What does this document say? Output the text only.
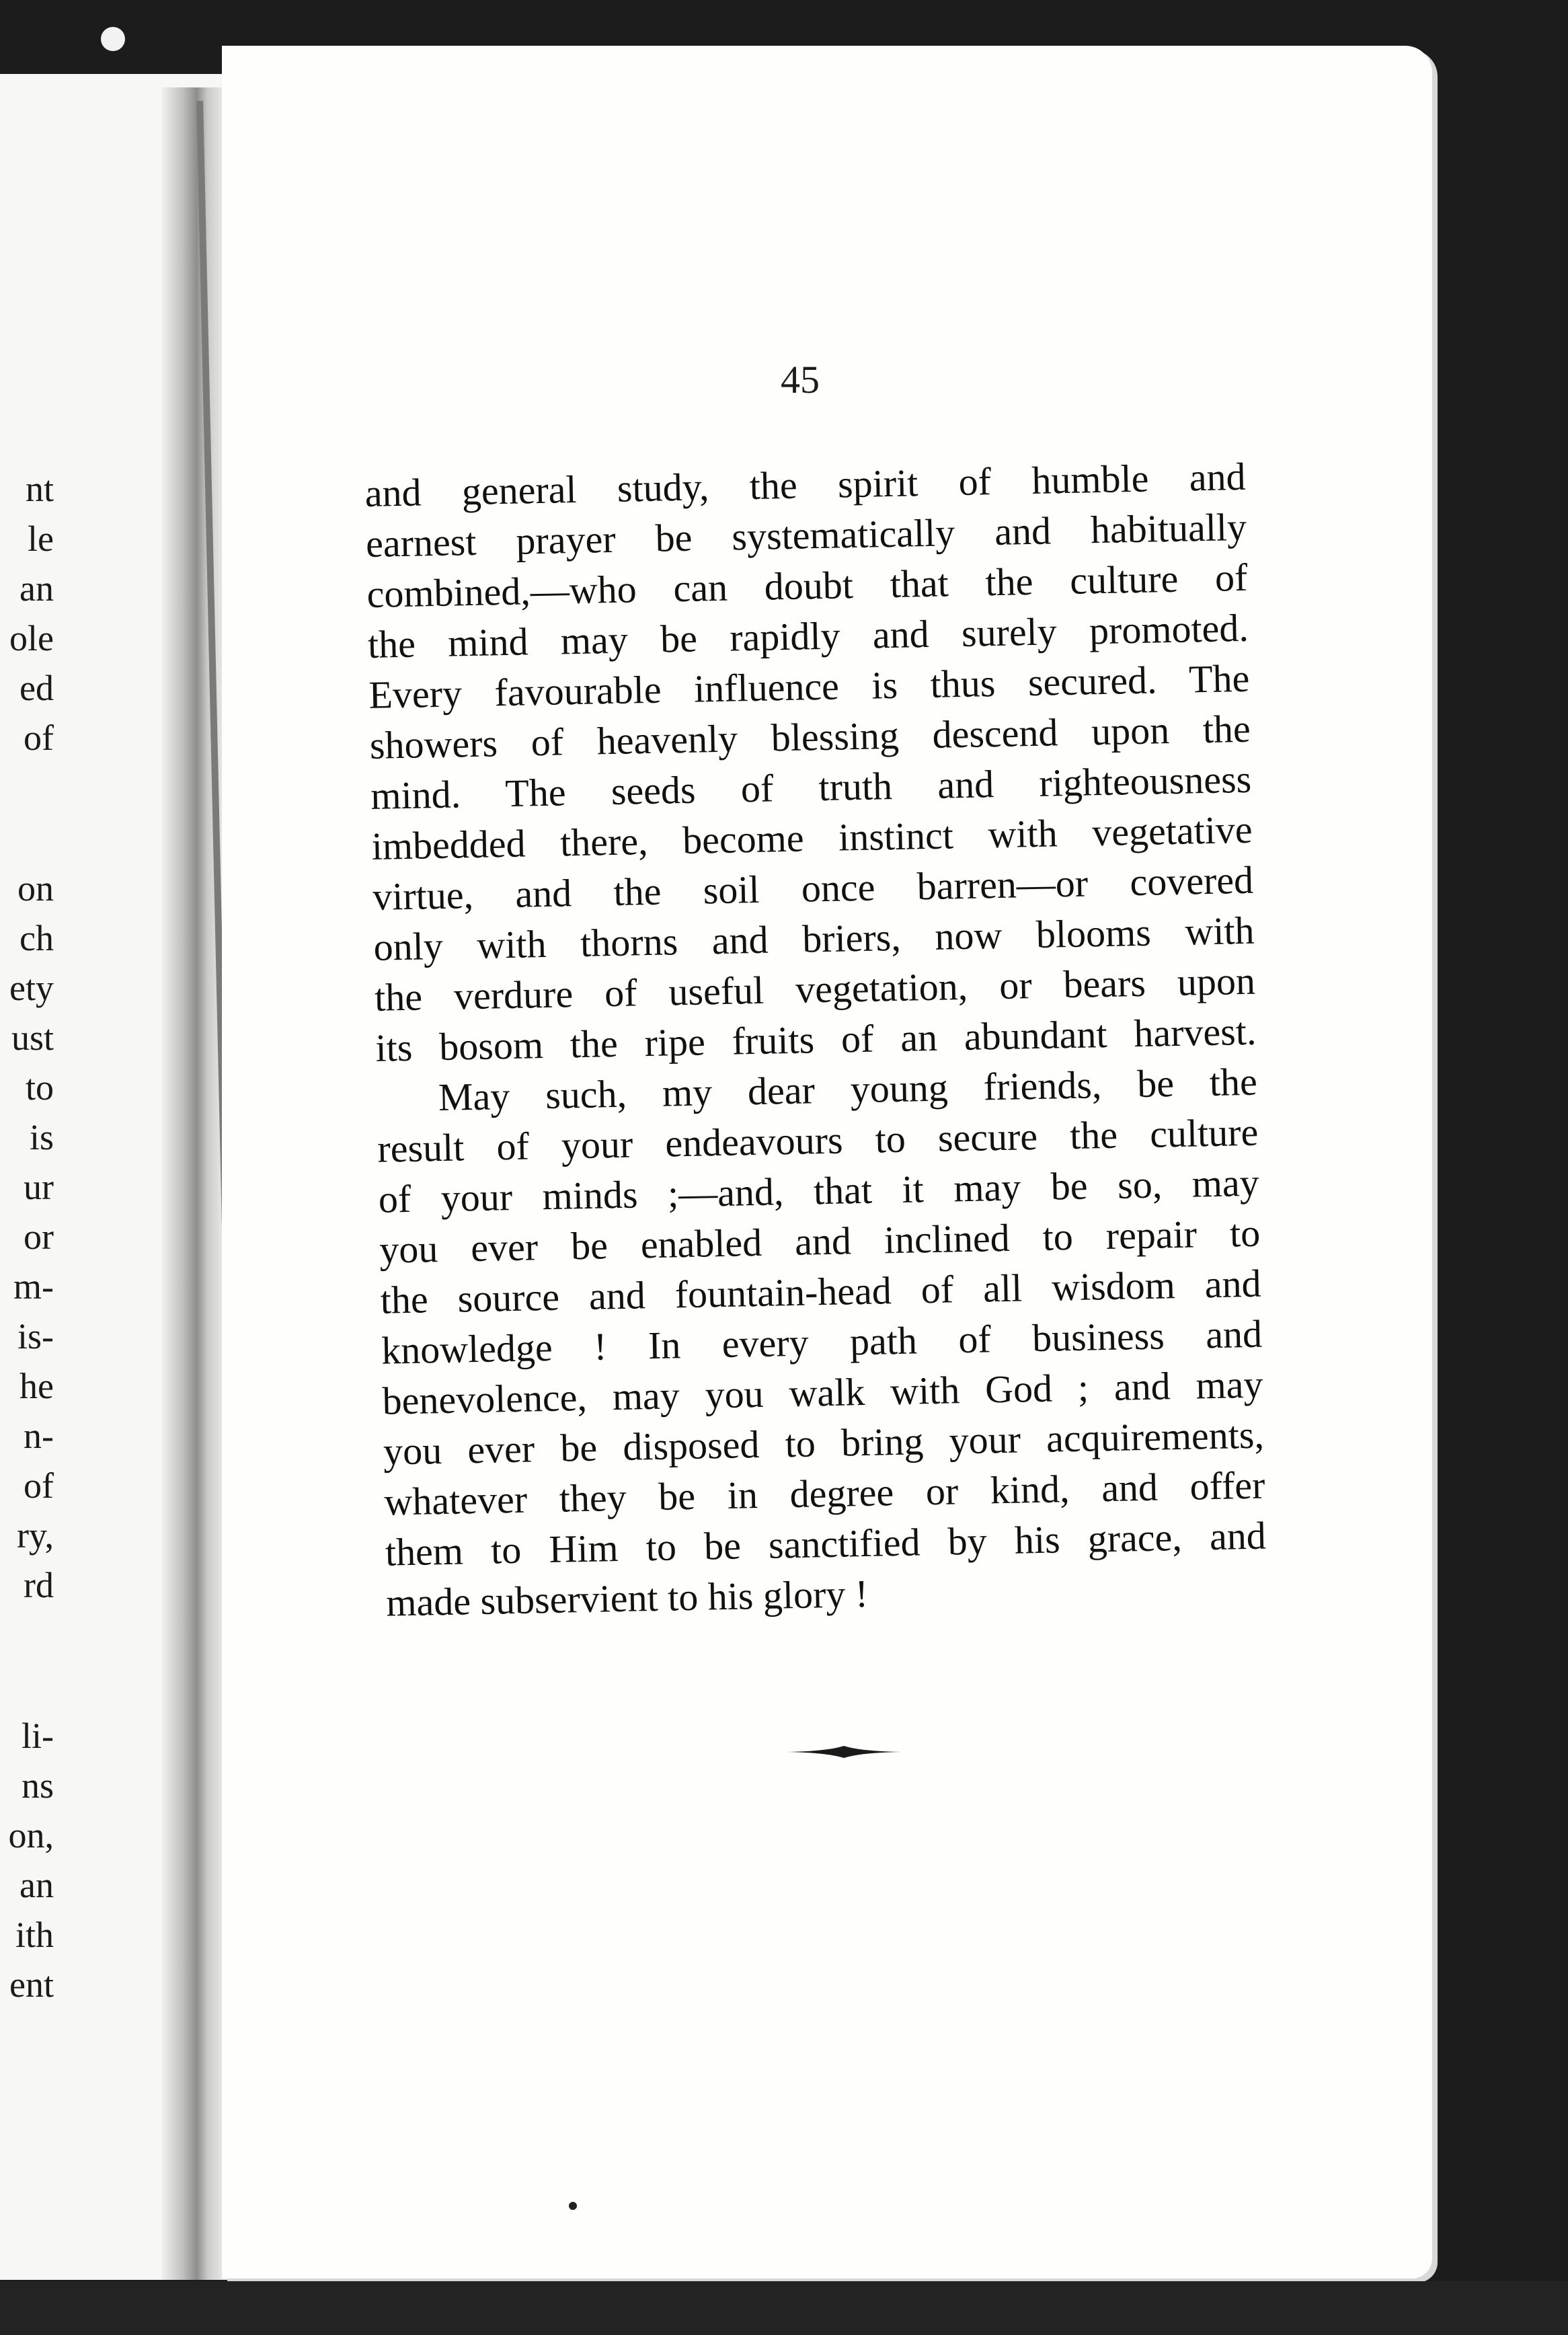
nt
le
an
ole
ed
of
on
ch
ety
ust
to
is
ur
or
m-
is-
he
n-
of
ry,
rd
li-
ns
on,
an
ith
ent
45
and general study, the spirit of humble and
earnest prayer be systematically and habitually
combined,—who can doubt that the culture of
the mind may be rapidly and surely promoted.
Every favourable influence is thus secured. The
showers of heavenly blessing descend upon the
mind. The seeds of truth and righteousness
imbedded there, become instinct with vegetative
virtue, and the soil once barren—or covered
only with thorns and briers, now blooms with
the verdure of useful vegetation, or bears upon
its bosom the ripe fruits of an abundant harvest.
May such, my dear young friends, be the
result of your endeavours to secure the culture
of your minds ;—and, that it may be so, may
you ever be enabled and inclined to repair to
the source and fountain-head of all wisdom and
knowledge ! In every path of business and
benevolence, may you walk with God ; and may
you ever be disposed to bring your acquirements,
whatever they be in degree or kind, and offer
them to Him to be sanctified by his grace, and
made subservient to his glory !
